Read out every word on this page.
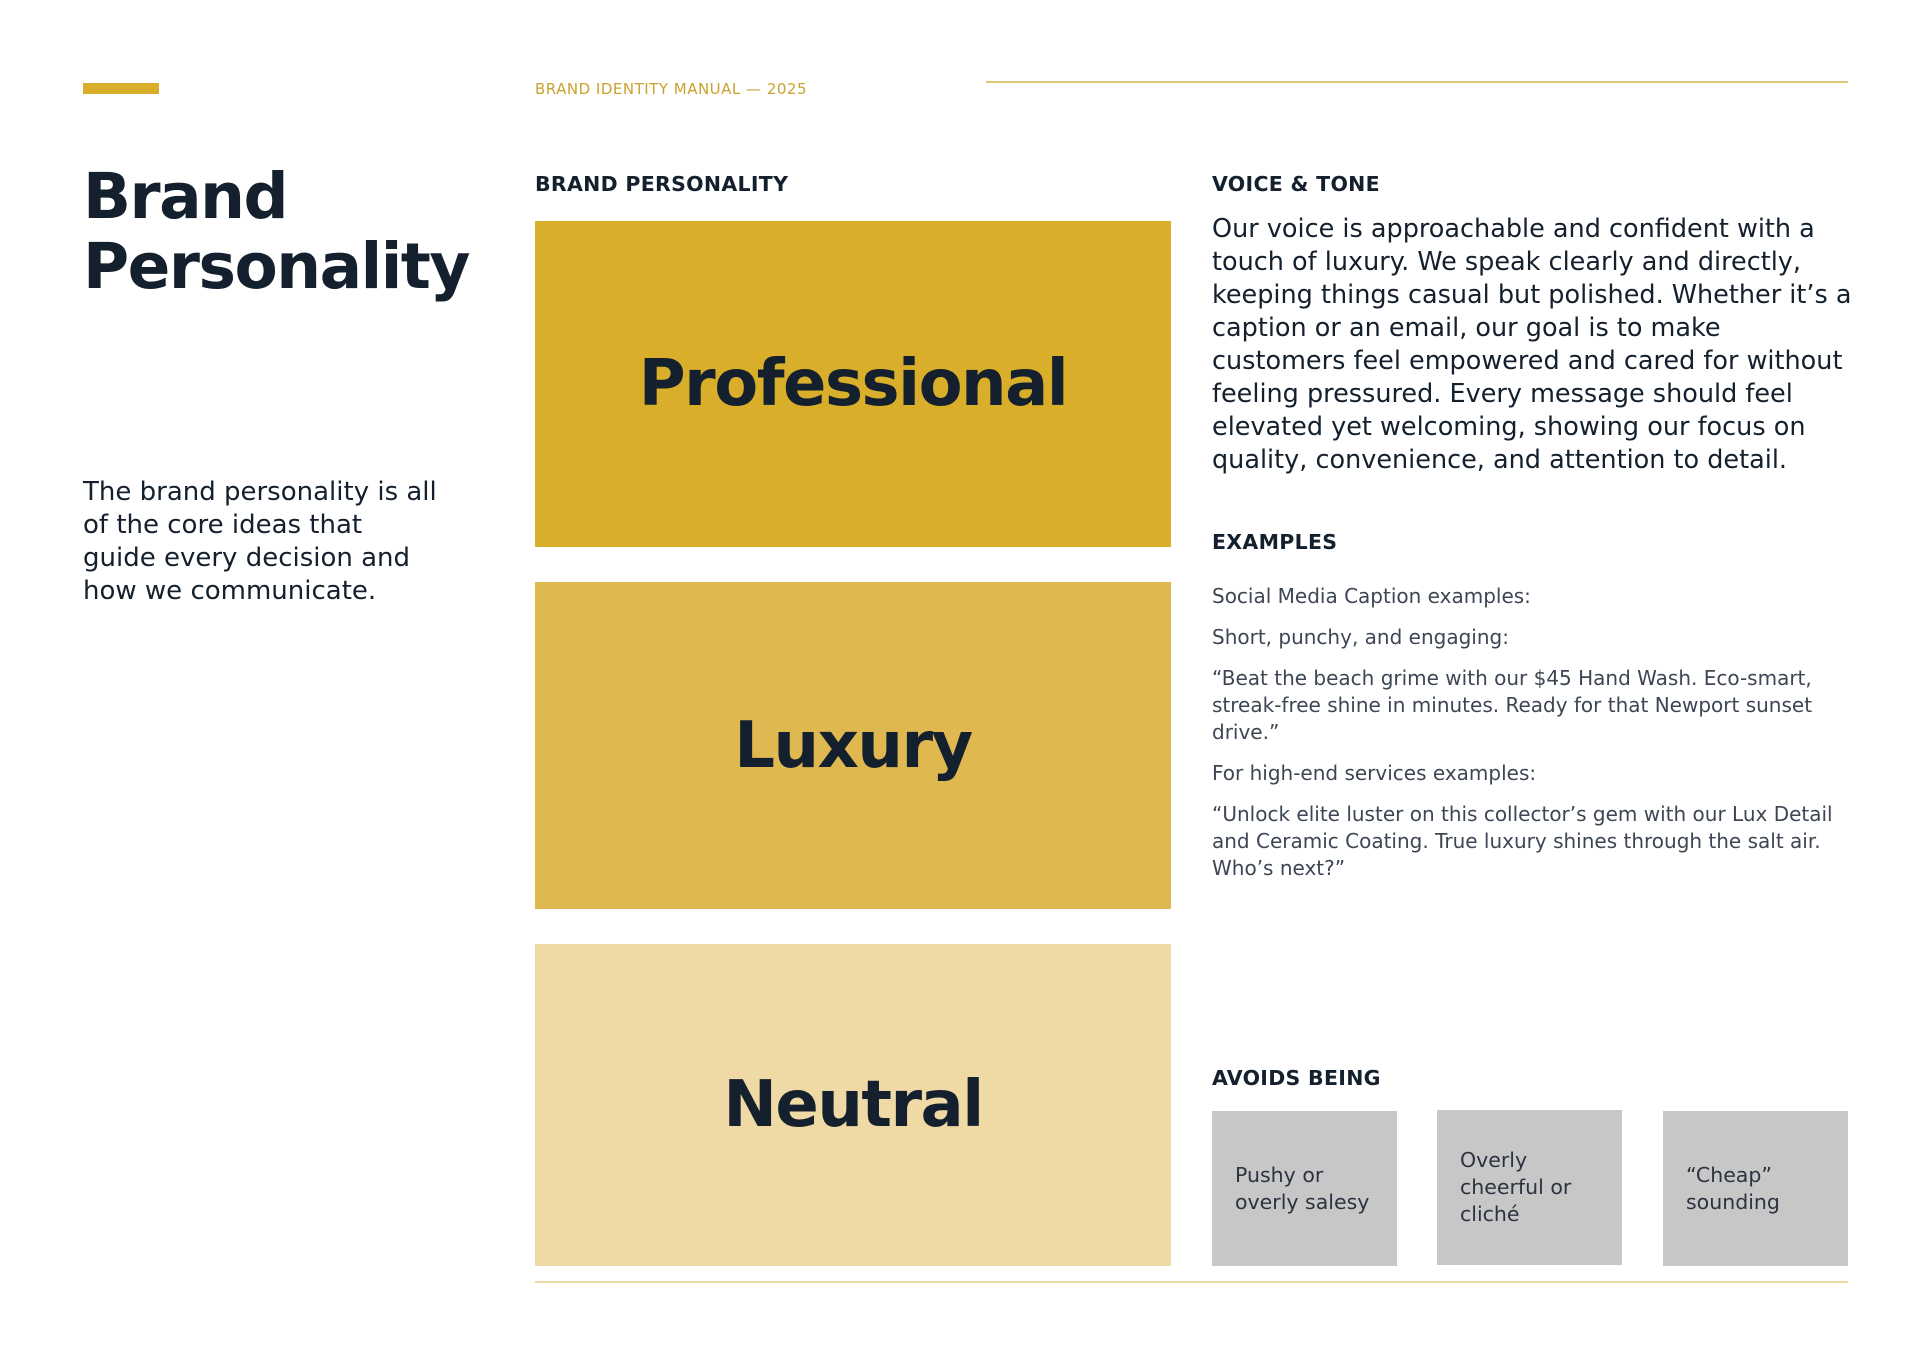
BRAND IDENTITY MANUAL — 2025
Brand
Personality

The brand personality is all of the core ideas that guide every decision and how we communicate.

BRAND PERSONALITY
Professional
Luxury
Neutral
VOICE & TONE

Our voice is approachable and confident with a touch of luxury. We speak clearly and directly, keeping things casual but polished. Whether it’s a caption or an email, our goal is to make customers feel empowered and cared for without feeling pressured. Every message should feel elevated yet welcoming, showing our focus on quality, convenience, and attention to detail.

EXAMPLES

Social Media Caption examples:

Short, punchy, and engaging:

“Beat the beach grime with our $45 Hand Wash. Eco-smart, streak-free shine in minutes. Ready for that Newport sunset drive.”

For high-end services examples:

“Unlock elite luster on this collector’s gem with our Lux Detail and Ceramic Coating. True luxury shines through the salt air. Who’s next?”

AVOIDS BEING
Pushy or overly salesy
Overly cheerful or cliché
“Cheap” sounding
